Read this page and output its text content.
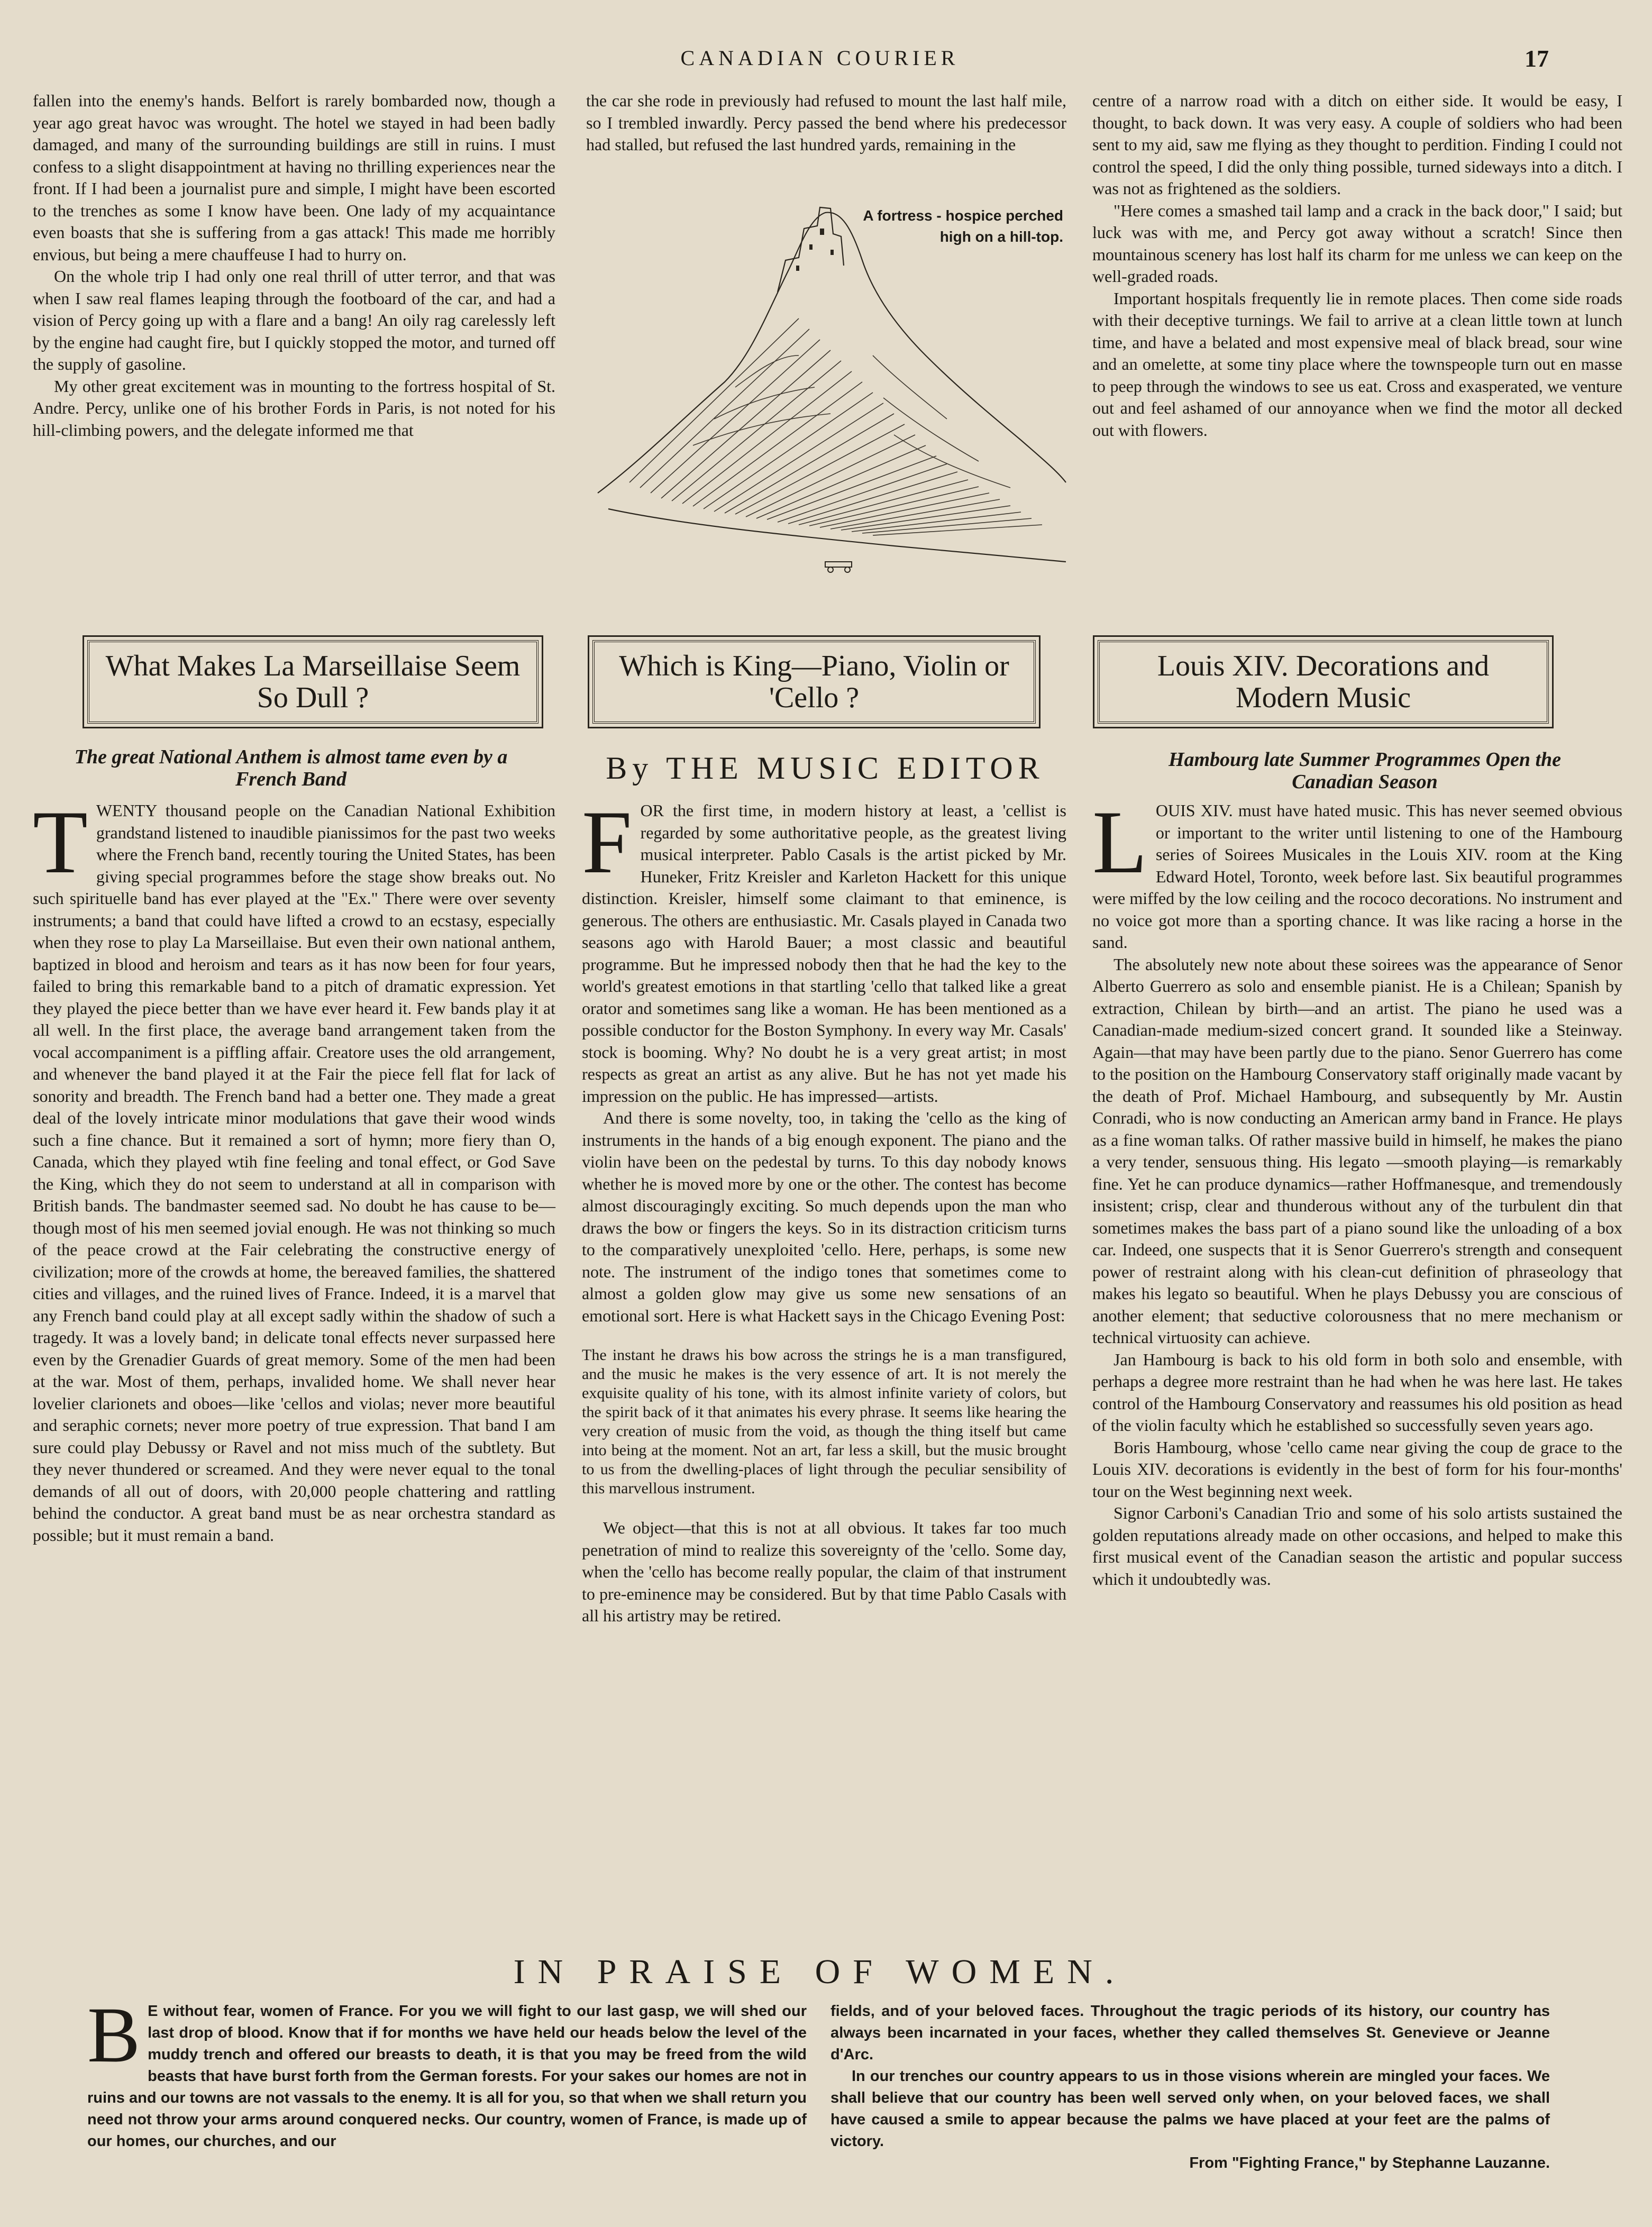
CANADIAN COURIER	17

fallen into the enemy's hands. Belfort is rarely bombarded now, though a year ago great havoc was wrought. The hotel we stayed in had been badly damaged, and many of the surrounding buildings are still in ruins. I must confess to a slight disappointment at having no thrilling experiences near the front. If I had been a journalist pure and simple, I might have been escorted to the trenches as some I know have been. One lady of my acquaintance even boasts that she is suffering from a gas attack! This made me horribly envious, but being a mere chauffeuse I had to hurry on.

On the whole trip I had only one real thrill of utter terror, and that was when I saw real flames leaping through the footboard of the car, and had a vision of Percy going up with a flare and a bang! An oily rag carelessly left by the engine had caught fire, but I quickly stopped the motor, and turned off the supply of gasoline.

My other great excitement was in mounting to the fortress hospital of St. Andre. Percy, unlike one of his brother Fords in Paris, is not noted for his hill-climbing powers, and the delegate informed me that

the car she rode in previously had refused to mount the last half mile, so I trembled inwardly. Percy passed the bend where his predecessor had stalled, but refused the last hundred yards, remaining in the

A fortress - hospice perched high on a hill-top.

centre of a narrow road with a ditch on either side. It would be easy, I thought, to back down. It was very easy. A couple of soldiers who had been sent to my aid, saw me flying as they thought to perdition. Finding I could not control the speed, I did the only thing possible, turned sideways into a ditch. I was not as frightened as the soldiers.

"Here comes a smashed tail lamp and a crack in the back door," I said; but luck was with me, and Percy got away without a scratch! Since then mountainous scenery has lost half its charm for me unless we can keep on the well-graded roads.

Important hospitals frequently lie in remote places. Then come side roads with their deceptive turnings. We fail to arrive at a clean little town at lunch time, and have a belated and most expensive meal of black bread, sour wine and an omelette, at some tiny place where the townspeople turn out en masse to peep through the windows to see us eat. Cross and exasperated, we venture out and feel ashamed of our annoyance when we find the motor all decked out with flowers.

What Makes La Marseillaise Seem So Dull ?
Which is King—Piano, Violin or 'Cello ?
Louis XIV. Decorations and Modern Music
The great National Anthem is almost tame even by a French Band	By THE MUSIC EDITOR	Hambourg late Summer Programmes Open the Canadian Season

TWENTY thousand people on the Canadian National Exhibition grandstand listened to inaudible pianissimos for the past two weeks where the French band, recently touring the United States, has been giving special programmes before the stage show breaks out. No such spirituelle band has ever played at the "Ex." There were over seventy instruments; a band that could have lifted a crowd to an ecstasy, especially when they rose to play La Marseillaise. But even their own national anthem, baptized in blood and heroism and tears as it has now been for four years, failed to bring this remarkable band to a pitch of dramatic expression. Yet they played the piece better than we have ever heard it. Few bands play it at all well. In the first place, the average band arrangement taken from the vocal accompaniment is a piffling affair. Creatore uses the old arrangement, and whenever the band played it at the Fair the piece fell flat for lack of sonority and breadth. The French band had a better one. They made a great deal of the lovely intricate minor modulations that gave their wood winds such a fine chance. But it remained a sort of hymn; more fiery than O, Canada, which they played wtih fine feeling and tonal effect, or God Save the King, which they do not seem to understand at all in comparison with British bands. The bandmaster seemed sad. No doubt he has cause to be—though most of his men seemed jovial enough. He was not thinking so much of the peace crowd at the Fair celebrating the constructive energy of civilization; more of the crowds at home, the bereaved families, the shattered cities and villages, and the ruined lives of France. Indeed, it is a marvel that any French band could play at all except sadly within the shadow of such a tragedy. It was a lovely band; in delicate tonal effects never surpassed here even by the Grenadier Guards of great memory. Some of the men had been at the war. Most of them, perhaps, invalided home. We shall never hear lovelier clarionets and oboes—like 'cellos and violas; never more beautiful and seraphic cornets; never more poetry of true expression. That band I am sure could play Debussy or Ravel and not miss much of the subtlety. But they never thundered or screamed. And they were never equal to the tonal demands of all out of doors, with 20,000 people chattering and rattling behind the conductor. A great band must be as near orchestra standard as possible; but it must remain a band.

FOR the first time, in modern history at least, a 'cellist is regarded by some authoritative people, as the greatest living musical interpreter. Pablo Casals is the artist picked by Mr. Huneker, Fritz Kreisler and Karleton Hackett for this unique distinction. Kreisler, himself some claimant to that eminence, is generous. The others are enthusiastic. Mr. Casals played in Canada two seasons ago with Harold Bauer; a most classic and beautiful programme. But he impressed nobody then that he had the key to the world's greatest emotions in that startling 'cello that talked like a great orator and sometimes sang like a woman. He has been mentioned as a possible conductor for the Boston Symphony. In every way Mr. Casals' stock is booming. Why? No doubt he is a very great artist; in most respects as great an artist as any alive. But he has not yet made his impression on the public. He has impressed—artists.

And there is some novelty, too, in taking the 'cello as the king of instruments in the hands of a big enough exponent. The piano and the violin have been on the pedestal by turns. To this day nobody knows whether he is moved more by one or the other. The contest has become almost discouragingly exciting. So much depends upon the man who draws the bow or fingers the keys. So in its distraction criticism turns to the comparatively unexploited 'cello. Here, perhaps, is some new note. The instrument of the indigo tones that sometimes come to almost a golden glow may give us some new sensations of an emotional sort. Here is what Hackett says in the Chicago Evening Post:

The instant he draws his bow across the strings he is a man transfigured, and the music he makes is the very essence of art. It is not merely the exquisite quality of his tone, with its almost infinite variety of colors, but the spirit back of it that animates his every phrase. It seems like hearing the very creation of music from the void, as though the thing itself but came into being at the moment. Not an art, far less a skill, but the music brought to us from the dwelling-places of light through the peculiar sensibility of this marvellous instrument.

We object—that this is not at all obvious. It takes far too much penetration of mind to realize this sovereignty of the 'cello. Some day, when the 'cello has become really popular, the claim of that instrument to pre-eminence may be considered. But by that time Pablo Casals with all his artistry may be retired.

LOUIS XIV. must have hated music. This has never seemed obvious or important to the writer until listening to one of the Hambourg series of Soirees Musicales in the Louis XIV. room at the King Edward Hotel, Toronto, week before last. Six beautiful programmes were miffed by the low ceiling and the rococo decorations. No instrument and no voice got more than a sporting chance. It was like racing a horse in the sand.

The absolutely new note about these soirees was the appearance of Senor Alberto Guerrero as solo and ensemble pianist. He is a Chilean; Spanish by extraction, Chilean by birth—and an artist. The piano he used was a Canadian-made medium-sized concert grand. It sounded like a Steinway. Again—that may have been partly due to the piano. Senor Guerrero has come to the position on the Hambourg Conservatory staff originally made vacant by the death of Prof. Michael Hambourg, and subsequently by Mr. Austin Conradi, who is now conducting an American army band in France. He plays as a fine woman talks. Of rather massive build in himself, he makes the piano a very tender, sensuous thing. His legato —smooth playing—is remarkably fine. Yet he can produce dynamics—rather Hoffmanesque, and tremendously insistent; crisp, clear and thunderous without any of the turbulent din that sometimes makes the bass part of a piano sound like the unloading of a box car. Indeed, one suspects that it is Senor Guerrero's strength and consequent power of restraint along with his clean-cut definition of phraseology that makes his legato so beautiful. When he plays Debussy you are conscious of another element; that seductive colorousness that no mere mechanism or technical virtuosity can achieve.

Jan Hambourg is back to his old form in both solo and ensemble, with perhaps a degree more restraint than he had when he was here last. He takes control of the Hambourg Conservatory and reassumes his old position as head of the violin faculty which he established so successfully seven years ago.

Boris Hambourg, whose 'cello came near giving the coup de grace to the Louis XIV. decorations is evidently in the best of form for his four-months' tour on the West beginning next week.

Signor Carboni's Canadian Trio and some of his solo artists sustained the golden reputations already made on other occasions, and helped to make this first musical event of the Canadian season the artistic and popular success which it undoubtedly was.

IN PRAISE OF WOMEN.

B E without fear, women of France. For you we will fight to our last gasp, we will shed our last drop of blood. Know that if for months we have held our heads below the level of the muddy trench and offered our breasts to death, it is that you may be freed from the wild beasts that have burst forth from the German forests. For your sakes our homes are not in ruins and our towns are not vassals to the enemy. It is all for you, so that when we shall return you need not throw your arms around conquered necks. Our country, women of France, is made up of our homes, our churches, and our

fields, and of your beloved faces. Throughout the tragic periods of its history, our country has always been incarnated in your faces, whether they called themselves St. Genevieve or Jeanne d'Arc.

In our trenches our country appears to us in those visions wherein are mingled your faces. We shall believe that our country has been well served only when, on your beloved faces, we shall have caused a smile to appear because the palms we have placed at your feet are the palms of victory.

From "Fighting France," by Stephanne Lauzanne.
